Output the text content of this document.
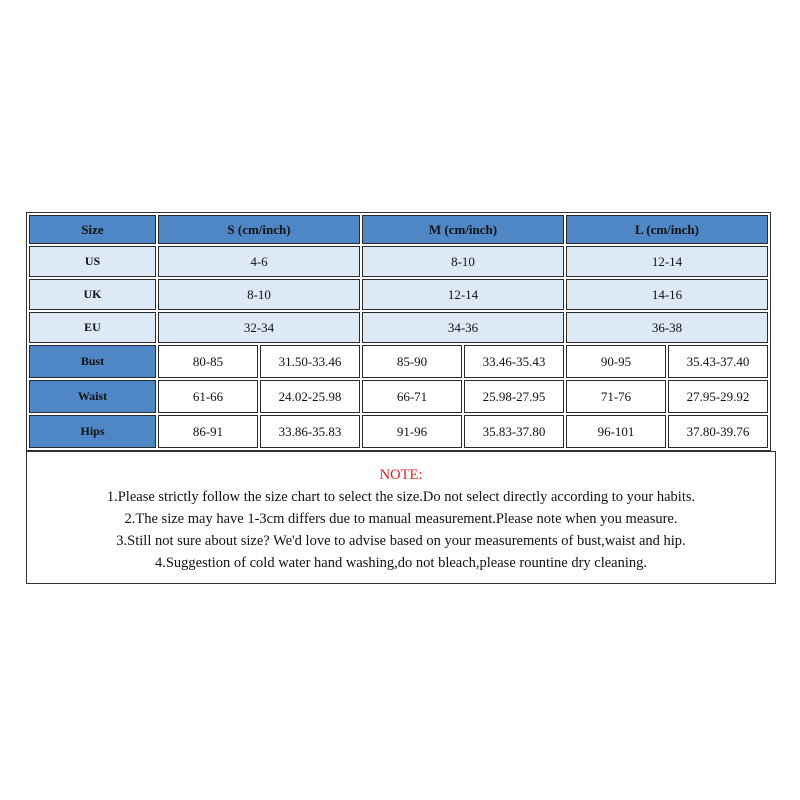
Size	S (cm/inch)		M (cm/inch)		L (cm/inch)	
US	4-6		8-10		12-14	
UK	8-10		12-14		14-16	
EU	32-34		34-36		36-38	
Bust	80-85	31.50-33.46	85-90	33.46-35.43	90-95	35.43-37.40
Waist	61-66	24.02-25.98	66-71	25.98-27.95	71-76	27.95-29.92
Hips	86-91	33.86-35.83	91-96	35.83-37.80	96-101	37.80-39.76
NOTE:
1.Please strictly follow the size chart to select the size.Do not select directly according to your habits.
2.The size may have 1-3cm differs due to manual measurement.Please note when you measure.
3.Still not sure about size? We'd love to advise based on your measurements of bust,waist and hip.
4.Suggestion of cold water hand washing,do not bleach,please rountine dry cleaning.
